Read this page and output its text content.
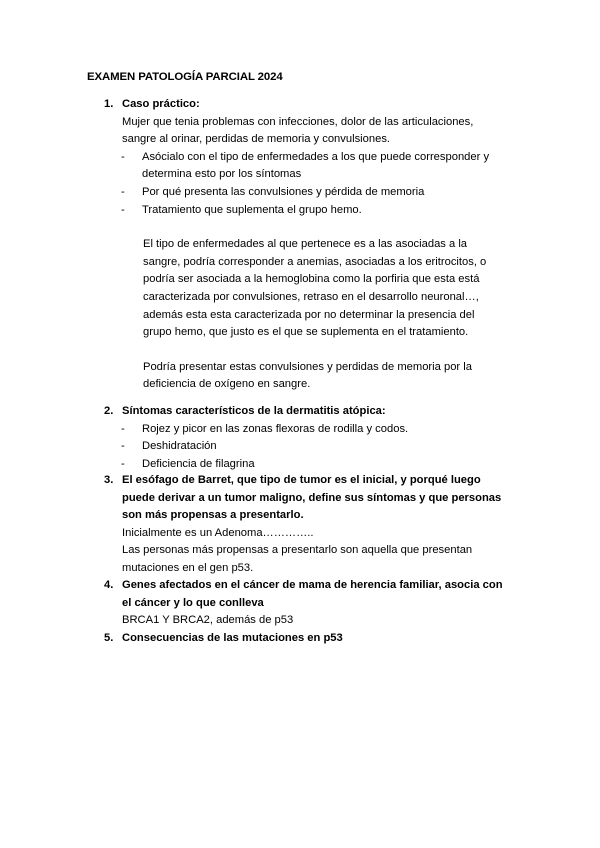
EXAMEN PATOLOGÍA PARCIAL 2024
1. Caso práctico:
Mujer que tenia problemas con infecciones, dolor de las articulaciones,
sangre al orinar, perdidas de memoria y convulsiones.
- Asócialo con el tipo de enfermedades a los que puede corresponder y
determina esto por los síntomas
- Por qué presenta las convulsiones y pérdida de memoria
- Tratamiento que suplementa el grupo hemo.
El tipo de enfermedades al que pertenece es a las asociadas a la
sangre, podría corresponder a anemias, asociadas a los eritrocitos, o
podría ser asociada a la hemoglobina como la porfiria que esta está
caracterizada por convulsiones, retraso en el desarrollo neuronal…,
además esta esta caracterizada por no determinar la presencia del
grupo hemo, que justo es el que se suplementa en el tratamiento.
Podría presentar estas convulsiones y perdidas de memoria por la
deficiencia de oxígeno en sangre.
2. Síntomas característicos de la dermatitis atópica:
- Rojez y picor en las zonas flexoras de rodilla y codos.
- Deshidratación
- Deficiencia de filagrina
3. El esófago de Barret, que tipo de tumor es el inicial, y porqué luego
puede derivar a un tumor maligno, define sus síntomas y que personas
son más propensas a presentarlo.
Inicialmente es un Adenoma…………..
Las personas más propensas a presentarlo son aquella que presentan
mutaciones en el gen p53.
4. Genes afectados en el cáncer de mama de herencia familiar, asocia con
el cáncer y lo que conlleva
BRCA1 Y BRCA2, además de p53
5. Consecuencias de las mutaciones en p53
